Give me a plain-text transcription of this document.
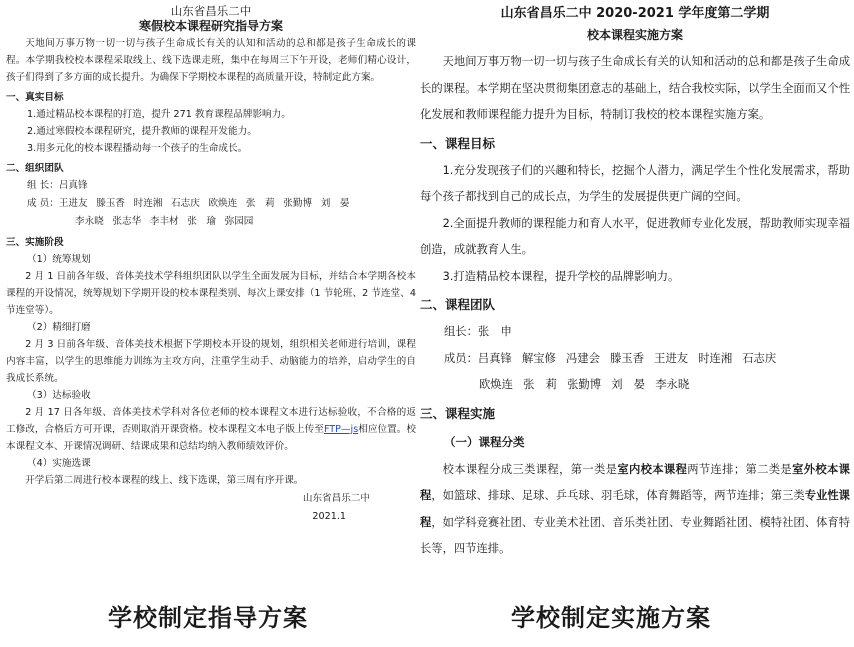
山东省昌乐二中
寒假校本课程研究指导方案

天地间万事万物一切一切与孩子生命成长有关的认知和活动的总和都是孩子生命成长的课程。本学期我校校本课程采取线上、线下选课走班，集中在每周三下午开设，老师们精心设计，孩子们得到了多方面的成长提升。为确保下学期校本课程的高质量开设，特制定此方案。

一、真实目标
1.通过精品校本课程的打造，提升 271 教育课程品牌影响力。
2.通过寒假校本课程研究，提升教师的课程开发能力。
3.用多元化的校本课程播动每一个孩子的生命成长。
二、组织团队
组 长：吕真锋
成 员： 王进友 滕玉香 时连湘 石志庆 欧焕连 张　莉 张勤博 刘　晏
李永晓 张志华 李丰材 张　瑜 弥园园
三、实施阶段
（1）统筹规划

2 月 1 日前各年级、音体美技术学科组织团队以学生全面发展为目标，并结合本学期各校本课程的开设情况，统筹规划下学期开设的校本课程类别、每次上课安排（1 节轮班、2 节连堂、4 节连堂等）。

（2）精细打磨

2 月 3 日前各年级、音体美技术根据下学期校本开设的规划，组织相关老师进行培训，课程内容丰富，以学生的思维能力训练为主攻方向，注重学生动手、动脑能力的培养，启动学生的自我成长系统。

（3）达标验收

2 月 17 日各年级、音体美技术学科对各位老师的校本课程文本进行达标验收，不合格的返工修改，合格后方可开课，否则取消开课资格。校本课程文本电子版上传至FTP—js相应位置。校本课程文本、开课情况调研、结课成果和总结均纳入教师绩效评价。

（4）实施选课

开学后第二周进行校本课程的线上、线下选课，第三周有序开课。

山东省昌乐二中
2021.1
山东省昌乐二中 2020-2021 学年度第二学期
校本课程实施方案

天地间万事万物一切一切与孩子生命成长有关的认知和活动的总和都是孩子生命成长的课程。本学期在坚决贯彻集团意志的基础上，结合我校实际，以学生全面而又个性化发展和教师课程能力提升为目标，特制订我校的校本课程实施方案。

一、课程目标

1.充分发现孩子们的兴趣和特长，挖掘个人潜力，满足学生个性化发展需求，帮助每个孩子都找到自己的成长点，为学生的发展提供更广阔的空间。

2.全面提升教师的课程能力和育人水平，促进教师专业化发展，帮助教师实现幸福创造，成就教育人生。

3.打造精品校本课程，提升学校的品牌影响力。

二、课程团队
组长：张　申
成员： 吕真锋 解宝修 冯建会 滕玉香 王进友 时连湘 石志庆
欧焕连 张　莉 张勤博 刘　晏 李永晓
三、课程实施
（一）课程分类

校本课程分成三类课程，第一类是室内校本课程两节连排；第二类是室外校本课程，如篮球、排球、足球、乒乓球、羽毛球，体育舞蹈等，两节连排；第三类专业性课程，如学科竞赛社团、专业美术社团、音乐类社团、专业舞蹈社团、模特社团、体育特长等，四节连排。

学校制定指导方案	学校制定实施方案
